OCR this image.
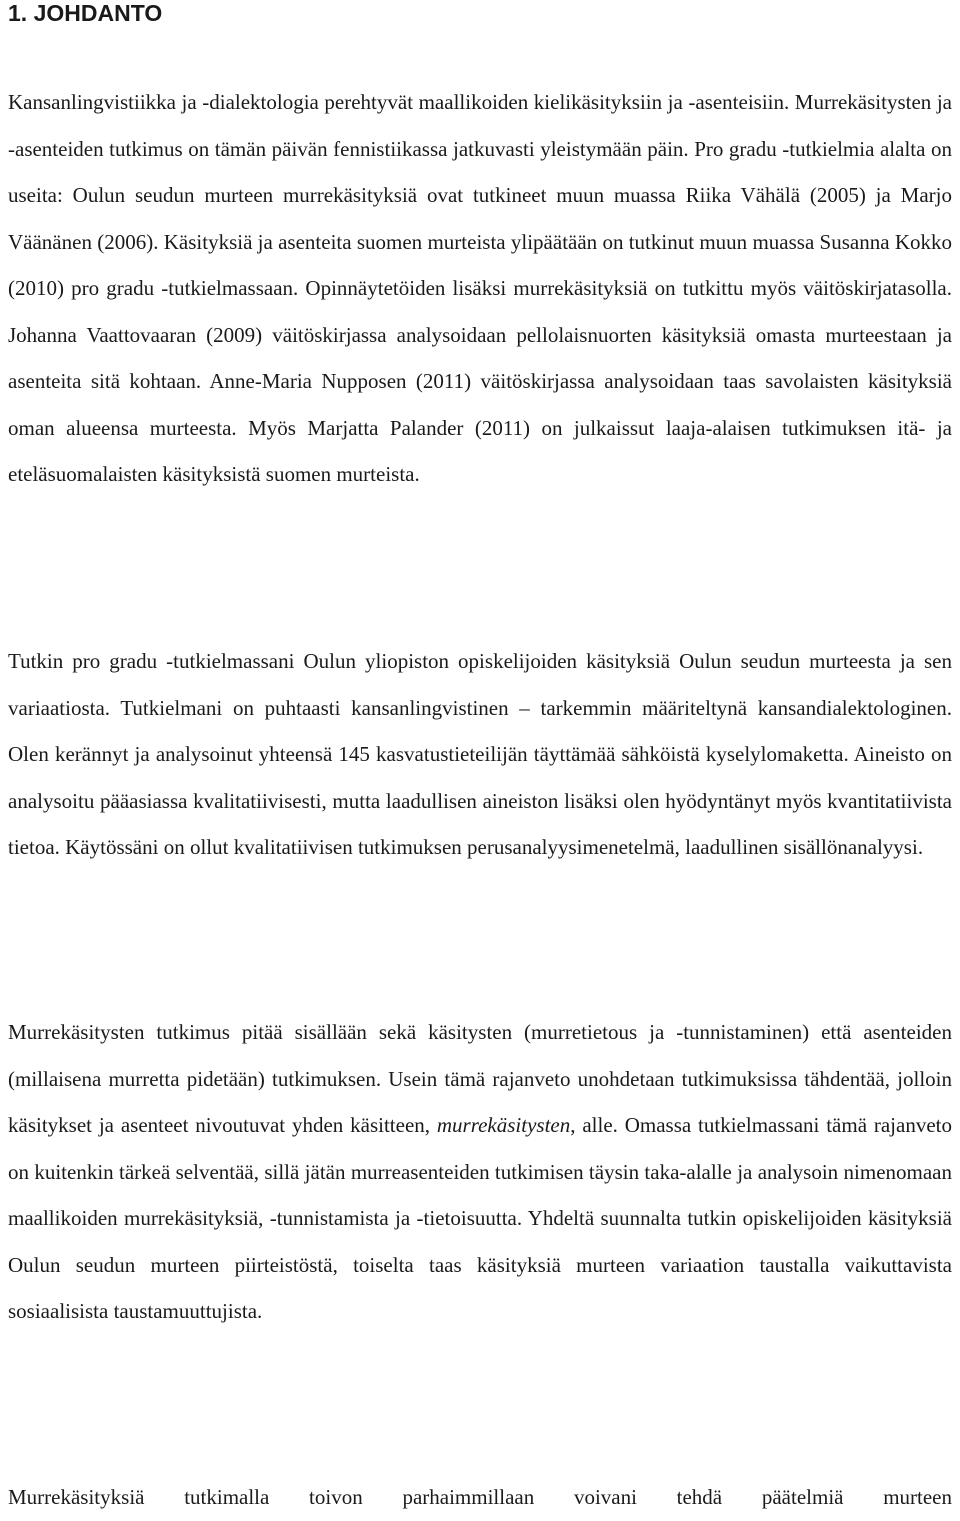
1. JOHDANTO

Kansanlingvistiikka ja -dialektologia perehtyvät maallikoiden kielikäsityksiin ja -asenteisiin. Murrekäsitysten ja -asenteiden tutkimus on tämän päivän fennistiikassa jatkuvasti yleistymään päin. Pro gradu -tutkielmia alalta on useita: Oulun seudun murteen murrekäsityksiä ovat tutkineet muun muassa Riika Vähälä (2005) ja Marjo Väänänen (2006). Käsityksiä ja asenteita suomen murteista ylipäätään on tutkinut muun muassa Susanna Kokko (2010) pro gradu -tutkielmassaan. Opinnäytetöiden lisäksi murrekäsityksiä on tutkittu myös väitöskirjatasolla. Johanna Vaattovaaran (2009) väitöskirjassa analysoidaan pellolaisnuorten käsityksiä omasta murteestaan ja asenteita sitä kohtaan. Anne-Maria Nupposen (2011) väitöskirjassa analysoidaan taas savolaisten käsityksiä oman alueensa murteesta. Myös Marjatta Palander (2011) on julkaissut laaja-alaisen tutkimuksen itä- ja eteläsuomalaisten käsityksistä suomen murteista.

Tutkin pro gradu -tutkielmassani Oulun yliopiston opiskelijoiden käsityksiä Oulun seudun murteesta ja sen variaatiosta. Tutkielmani on puhtaasti kansanlingvistinen – tarkemmin määriteltynä kansandialektologinen. Olen kerännyt ja analysoinut yhteensä 145 kasvatustieteilijän täyttämää sähköistä kyselylomaketta. Aineisto on analysoitu pääasiassa kvalitatiivisesti, mutta laadullisen aineiston lisäksi olen hyödyntänyt myös kvantitatiivista tietoa. Käytössäni on ollut kvalitatiivisen tutkimuksen perusanalyysimenetelmä, laadullinen sisällönanalyysi.

Murrekäsitysten tutkimus pitää sisällään sekä käsitysten (murretietous ja -tunnistaminen) että asenteiden (millaisena murretta pidetään) tutkimuksen. Usein tämä rajanveto unohdetaan tutkimuksissa tähdentää, jolloin käsitykset ja asenteet nivoutuvat yhden käsitteen, murrekäsitysten, alle. Omassa tutkielmassani tämä rajanveto on kuitenkin tärkeä selventää, sillä jätän murreasenteiden tutkimisen täysin taka-alalle ja analysoin nimenomaan maallikoiden murrekäsityksiä, -tunnistamista ja -tietoisuutta. Yhdeltä suunnalta tutkin opiskelijoiden käsityksiä Oulun seudun murteen piirteistöstä, toiselta taas käsityksiä murteen variaation taustalla vaikuttavista sosiaalisista taustamuuttujista.

Murrekäsityksiä tutkimalla toivon parhaimmillaan voivani tehdä päätelmiä murteen
